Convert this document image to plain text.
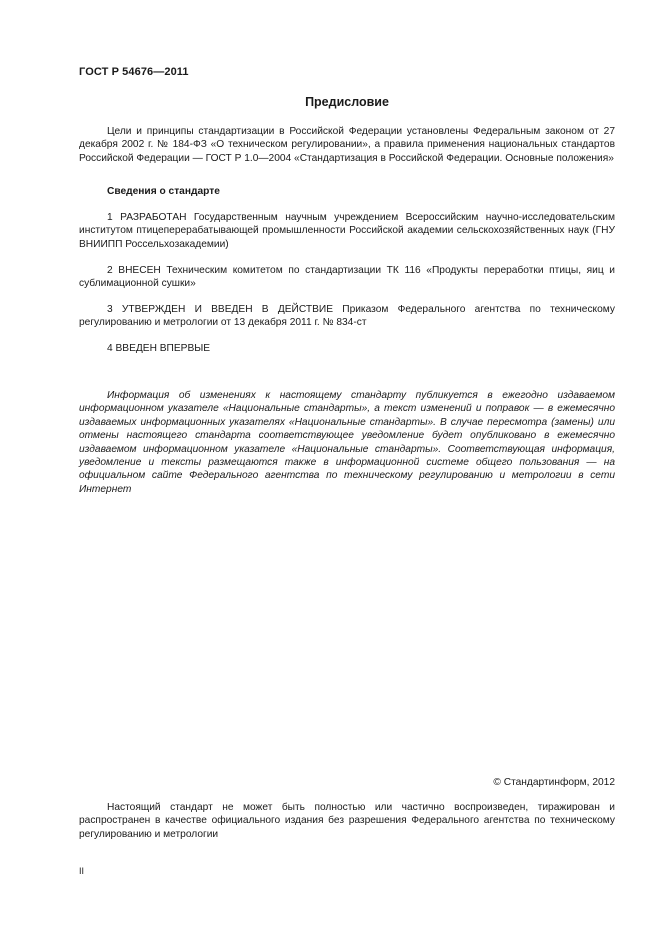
ГОСТ Р 54676—2011
Предисловие
Цели и принципы стандартизации в Российской Федерации установлены Федеральным законом от 27 декабря 2002 г. № 184-ФЗ «О техническом регулировании», а правила применения национальных стандартов Российской Федерации — ГОСТ Р 1.0—2004 «Стандартизация в Российской Федерации. Основные положения»
Сведения о стандарте
1 РАЗРАБОТАН Государственным научным учреждением Всероссийским научно-исследовательским институтом птицеперерабатывающей промышленности Российской академии сельскохозяйственных наук (ГНУ ВНИИПП Россельхозакадемии)
2 ВНЕСЕН Техническим комитетом по стандартизации ТК 116 «Продукты переработки птицы, яиц и сублимационной сушки»
3 УТВЕРЖДЕН И ВВЕДЕН В ДЕЙСТВИЕ Приказом Федерального агентства по техническому регулированию и метрологии от 13 декабря 2011 г. № 834-ст
4 ВВЕДЕН ВПЕРВЫЕ
Информация об изменениях к настоящему стандарту публикуется в ежегодно издаваемом информационном указателе «Национальные стандарты», а текст изменений и поправок — в ежемесячно издаваемых информационных указателях «Национальные стандарты». В случае пересмотра (замены) или отмены настоящего стандарта соответствующее уведомление будет опубликовано в ежемесячно издаваемом информационном указателе «Национальные стандарты». Соответствующая информация, уведомление и тексты размещаются также в информационной системе общего пользования — на официальном сайте Федерального агентства по техническому регулированию и метрологии в сети Интернет
© Стандартинформ, 2012
Настоящий стандарт не может быть полностью или частично воспроизведен, тиражирован и распространен в качестве официального издания без разрешения Федерального агентства по техническому регулированию и метрологии
II
